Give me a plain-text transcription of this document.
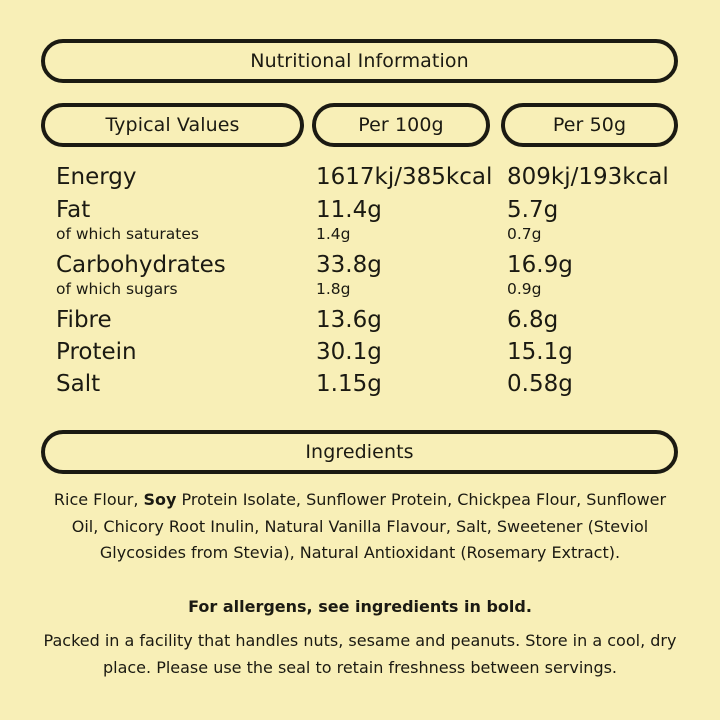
Nutritional Information
Typical Values	Per 100g	Per 50g
Energy	1617kj/385kcal 809kj/193kcal
Fat	11.4g	5.7g
of which saturates	1.4g	0.7g
Carbohydrates	33.8g	16.9g
of which sugars	1.8g	0.9g
Fibre	13.6g	6.8g
Protein	30.1g	15.1g
Salt	1.15g	0.58g
Ingredients
Rice Flour, Soy Protein Isolate, Sunflower Protein, Chickpea Flour, Sunflower Oil, Chicory Root Inulin, Natural Vanilla Flavour, Salt, Sweetener (Steviol Glycosides from Stevia), Natural Antioxidant (Rosemary Extract).
For allergens, see ingredients in bold.
Packed in a facility that handles nuts, sesame and peanuts. Store in a cool, dry place. Please use the seal to retain freshness between servings.
